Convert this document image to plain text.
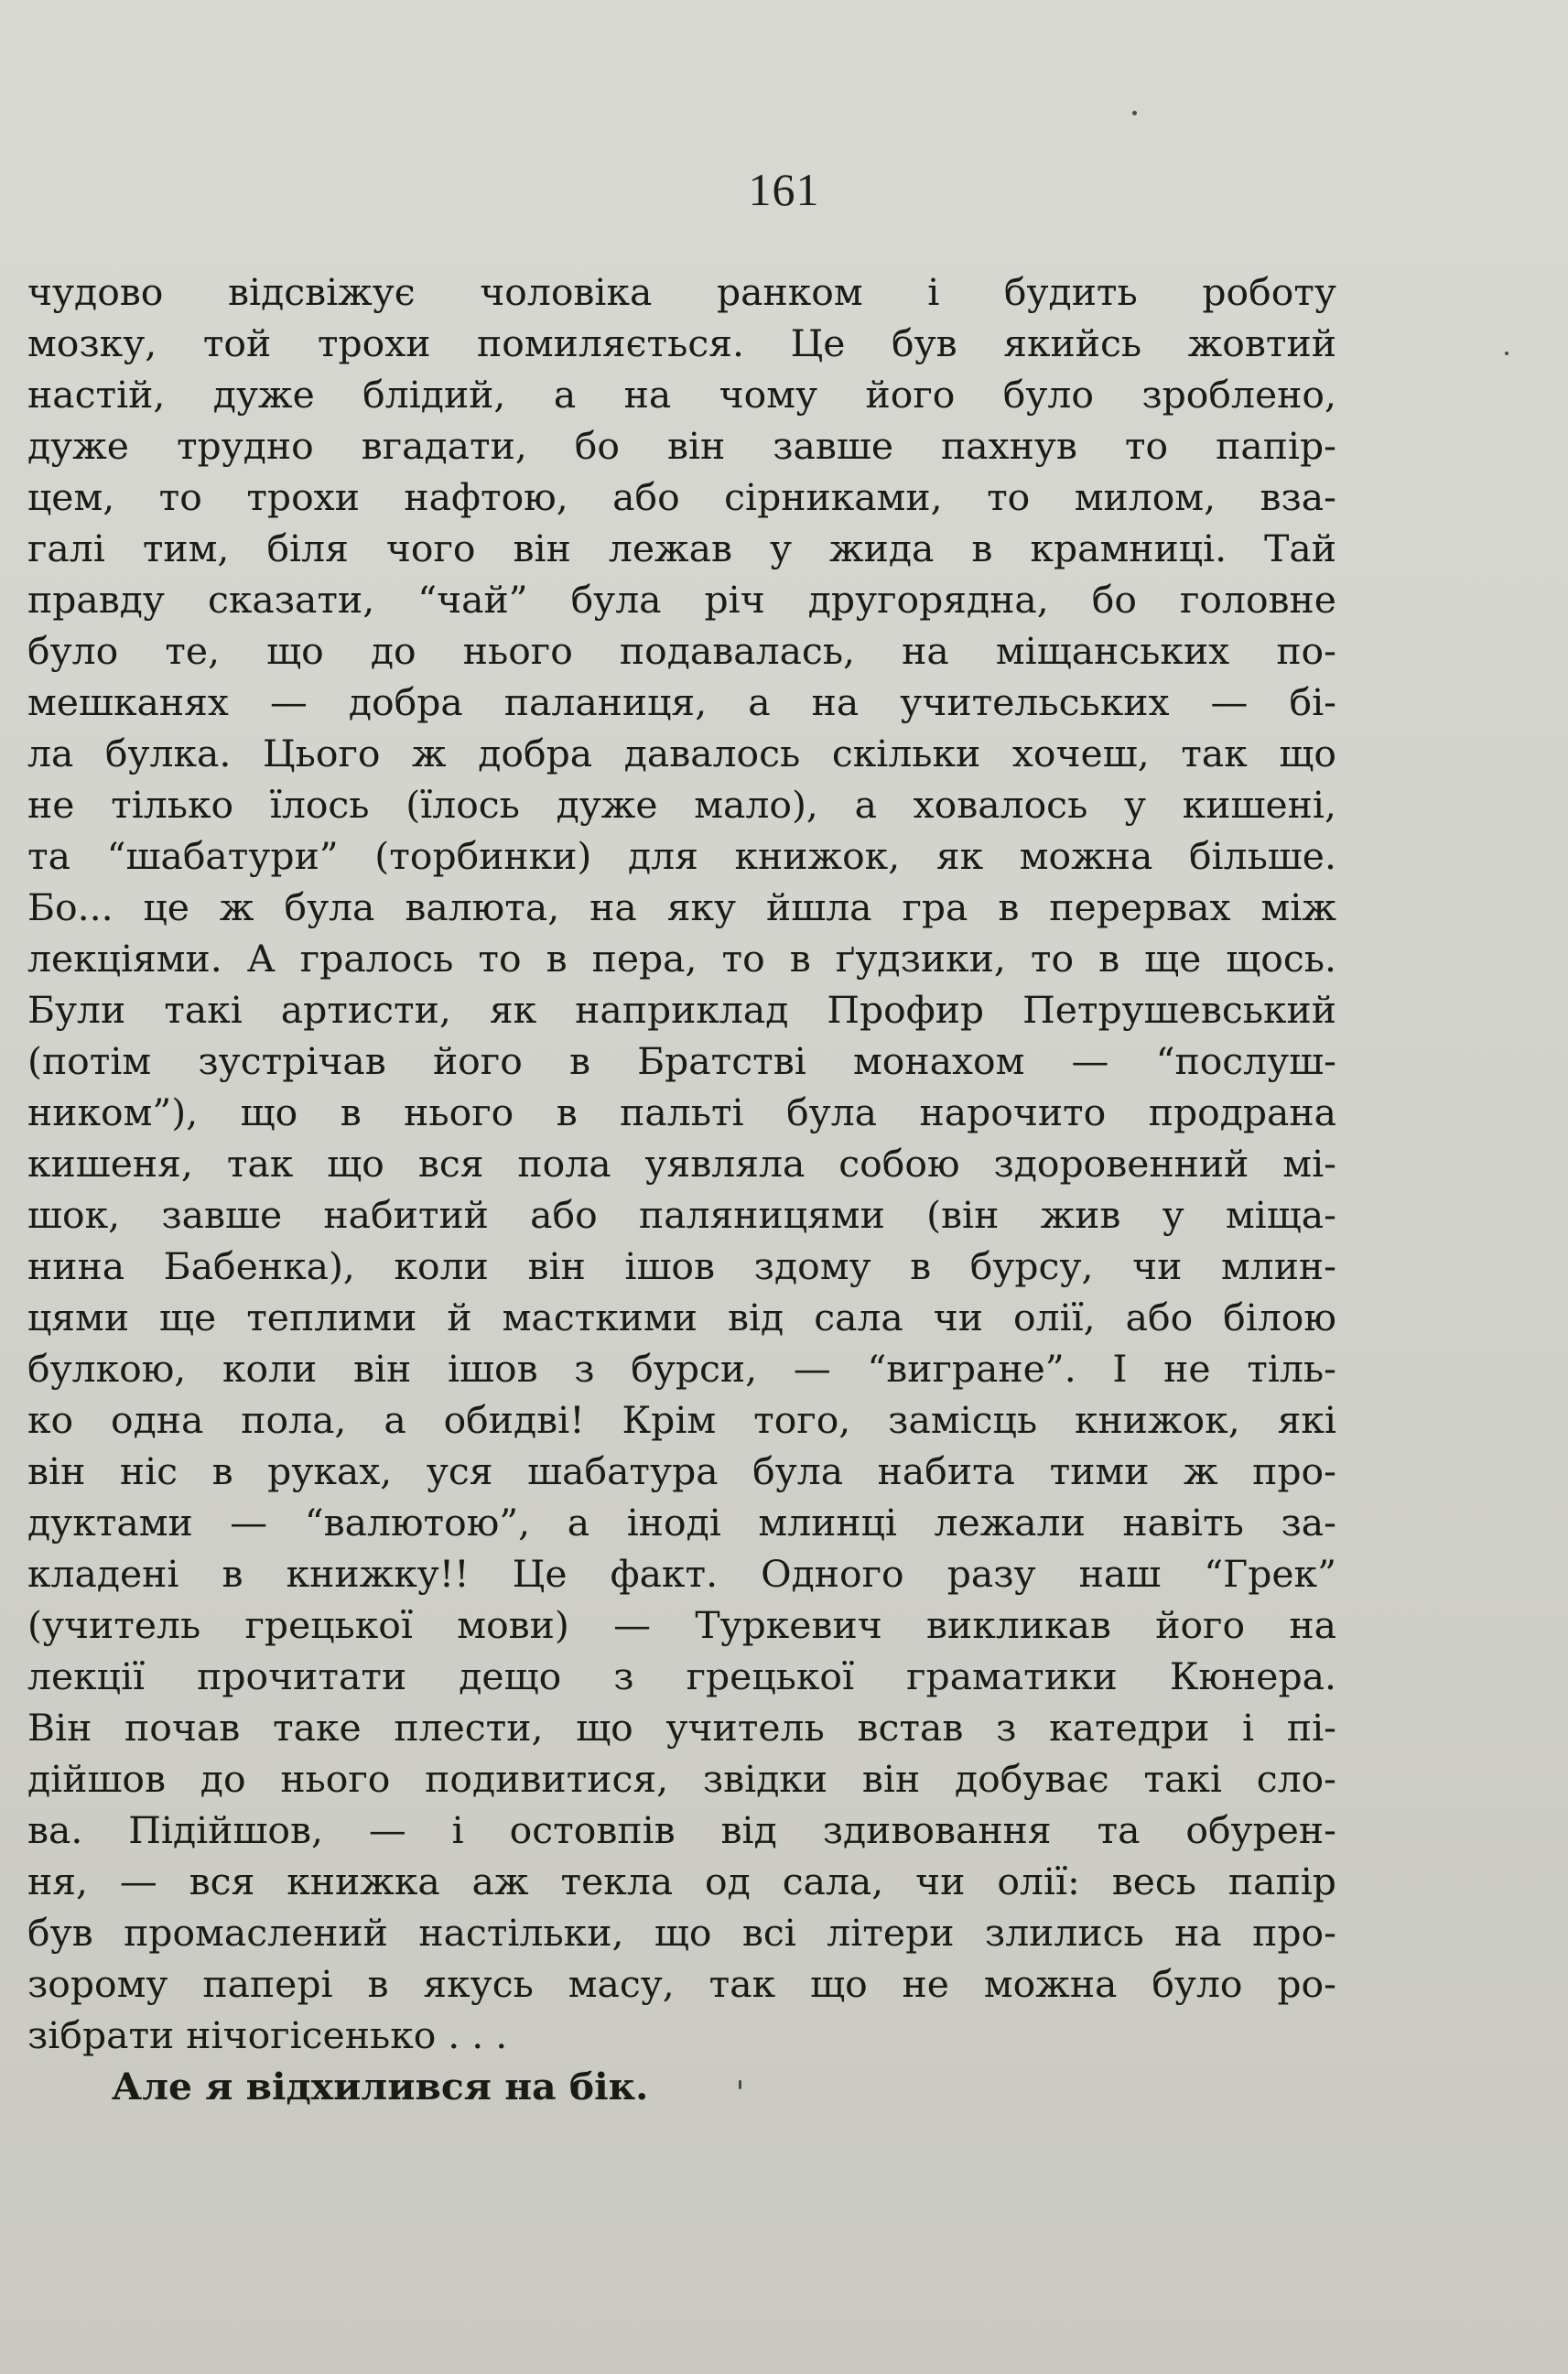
161
чудово відсвіжує чоловіка ранком і будить роботу
мозку, той трохи помиляється. Це був якийсь жовтий
настій, дуже блідий, а на чому його було зроблено,
дуже трудно вгадати, бо він завше пахнув то папір-
цем, то трохи нафтою, або сірниками, то милом, вза-
галі тим, біля чого він лежав у жида в крамниці. Тай
правду сказати, “чай” була річ другорядна, бо головне
було те, що до нього подавалась, на міщанських по-
мешканях — добра паланиця, а на учительських — бі-
ла булка. Цього ж добра давалось скільки хочеш, так що
не тілько їлось (їлось дуже мало), а ховалось у кишені,
та “шабатури” (торбинки) для книжок, як можна більше.
Бо... це ж була валюта, на яку йшла гра в перервах між
лекціями. А гралось то в пера, то в ґудзики, то в ще щось.
Були такі артисти, як наприклад Профир Петрушевський
(потім зустрічав його в Братстві монахом — “послуш-
ником”), що в нього в пальті була нарочито продрана
кишеня, так що вся пола уявляла собою здоровенний мі-
шок, завше набитий або паляницями (він жив у міща-
нина Бабенка), коли він ішов здому в бурсу, чи млин-
цями ще теплими й масткими від сала чи олії, або білою
булкою, коли він ішов з бурси, — “вигране”. І не тіль-
ко одна пола, а обидві! Крім того, замісць книжок, які
він ніс в руках, уся шабатура була набита тими ж про-
дуктами — “валютою”, а іноді млинці лежали навіть за-
кладені в книжку!! Це факт. Одного разу наш “Грек”
(учитель грецької мови) — Туркевич викликав його на
лекції прочитати дещо з грецької граматики Кюнера.
Він почав таке плести, що учитель встав з катедри і пі-
дійшов до нього подивитися, звідки він добуває такі сло-
ва. Підійшов, — і остовпів від здивовання та обурен-
ня, — вся книжка аж текла од сала, чи олії: весь папір
був промаслений настільки, що всі літери злились на про-
зорому папері в якусь масу, так що не можна було ро-
зібрати нічогісенько . . .
Але я відхилився на бік.
